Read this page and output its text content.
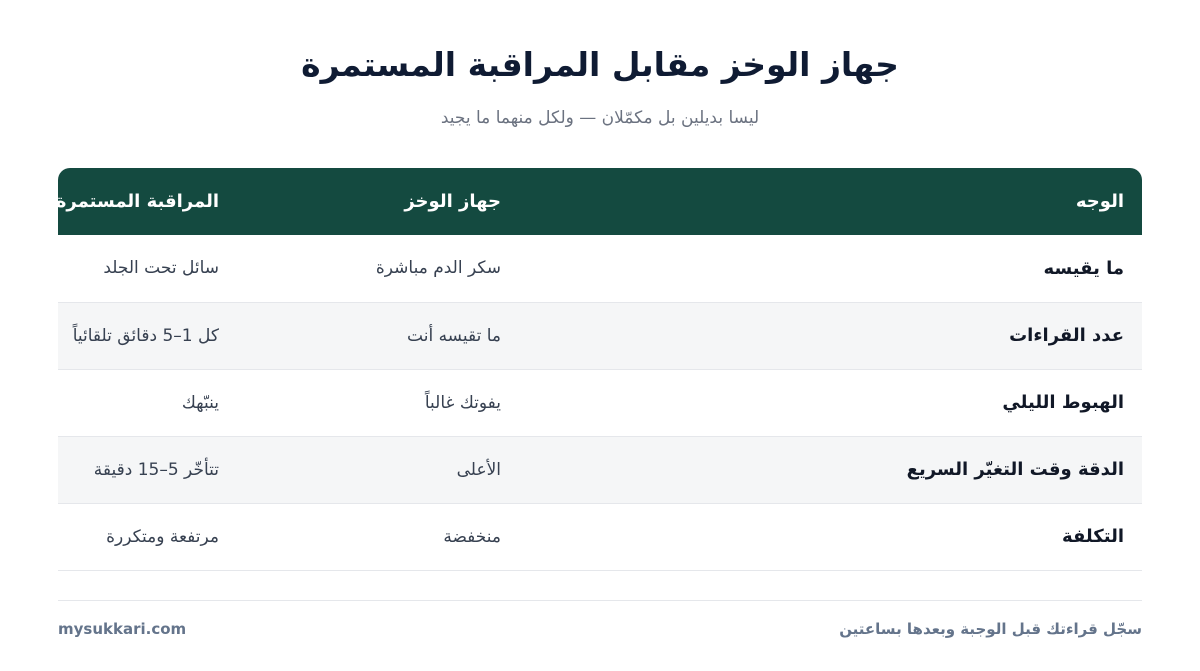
جهاز الوخز مقابل المراقبة المستمرة

ليسا بديلين بل مكمّلان — ولكل منهما ما يجيد

الوجه	جهاز الوخز	المراقبة المستمرة
ما يقيسه	سكر الدم مباشرة	سائل تحت الجلد
عدد القراءات	ما تقيسه أنت	كل 1–5 دقائق تلقائياً
الهبوط الليلي	يفوتك غالباً	ينبّهك
الدقة وقت التغيّر السريع	الأعلى	تتأخّر 5–15 دقيقة
التكلفة	منخفضة	مرتفعة ومتكررة
سجّل قراءتك قبل الوجبة وبعدها بساعتين
mysukkari.com
